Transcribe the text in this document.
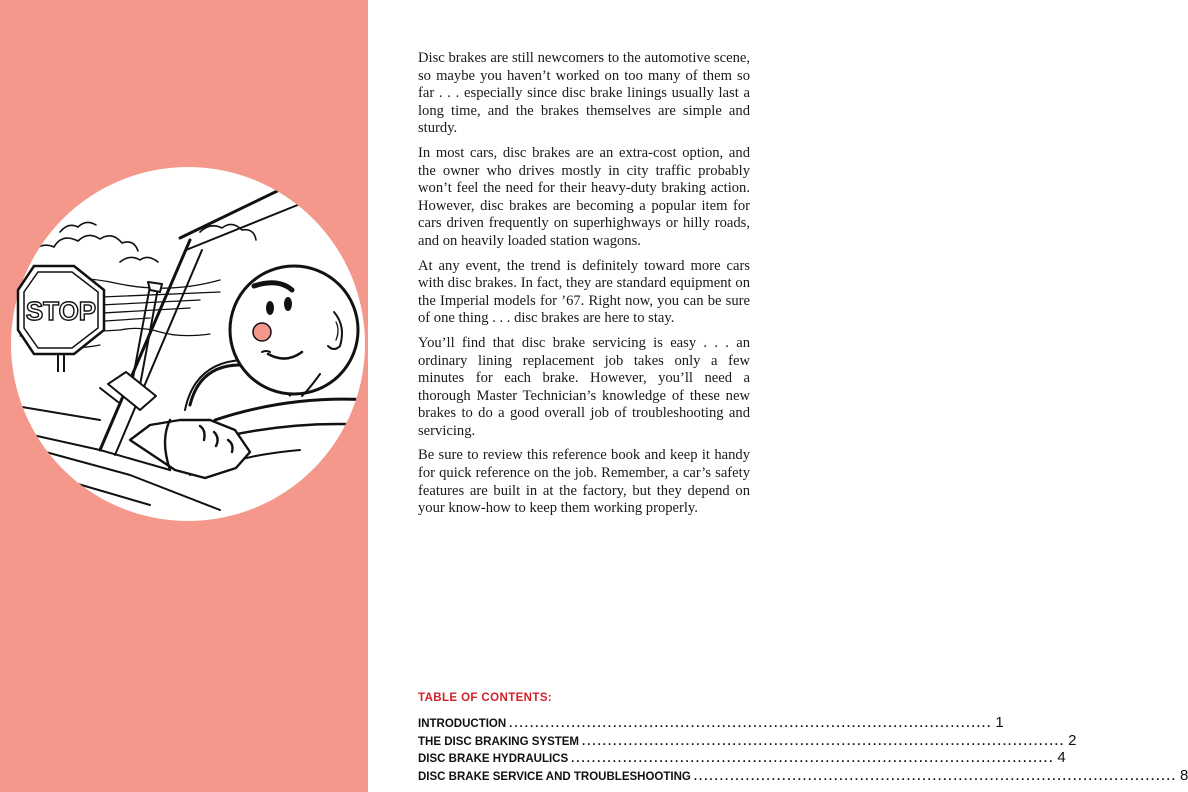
STOP

Disc brakes are still newcomers to the automotive scene, so maybe you haven’t worked on too many of them so far . . . especially since disc brake linings usually last a long time, and the brakes themselves are simple and sturdy.

In most cars, disc brakes are an extra-cost option, and the owner who drives mostly in city traffic probably won’t feel the need for their heavy-duty braking action. However, disc brakes are becoming a popular item for cars driven frequently on superhighways or hilly roads, and on heavily loaded station wagons.

At any event, the trend is definitely toward more cars with disc brakes. In fact, they are standard equipment on the Imperial models for ’67. Right now, you can be sure of one thing . . . disc brakes are here to stay.

You’ll find that disc brake servicing is easy . . . an ordinary lining replacement job takes only a few minutes for each brake. However, you’ll need a thorough Master Technician’s knowledge of these new brakes to do a good overall job of troubleshooting and servicing.

Be sure to review this reference book and keep it handy for quick reference on the job. Remember, a car’s safety features are built in at the factory, but they depend on your know-how to keep them working properly.

TABLE OF CONTENTS:
INTRODUCTION ............................................................................................. 1
THE DISC BRAKING SYSTEM ............................................................................................. 2
DISC BRAKE HYDRAULICS ............................................................................................. 4
DISC BRAKE SERVICE AND TROUBLESHOOTING ............................................................................................. 8
